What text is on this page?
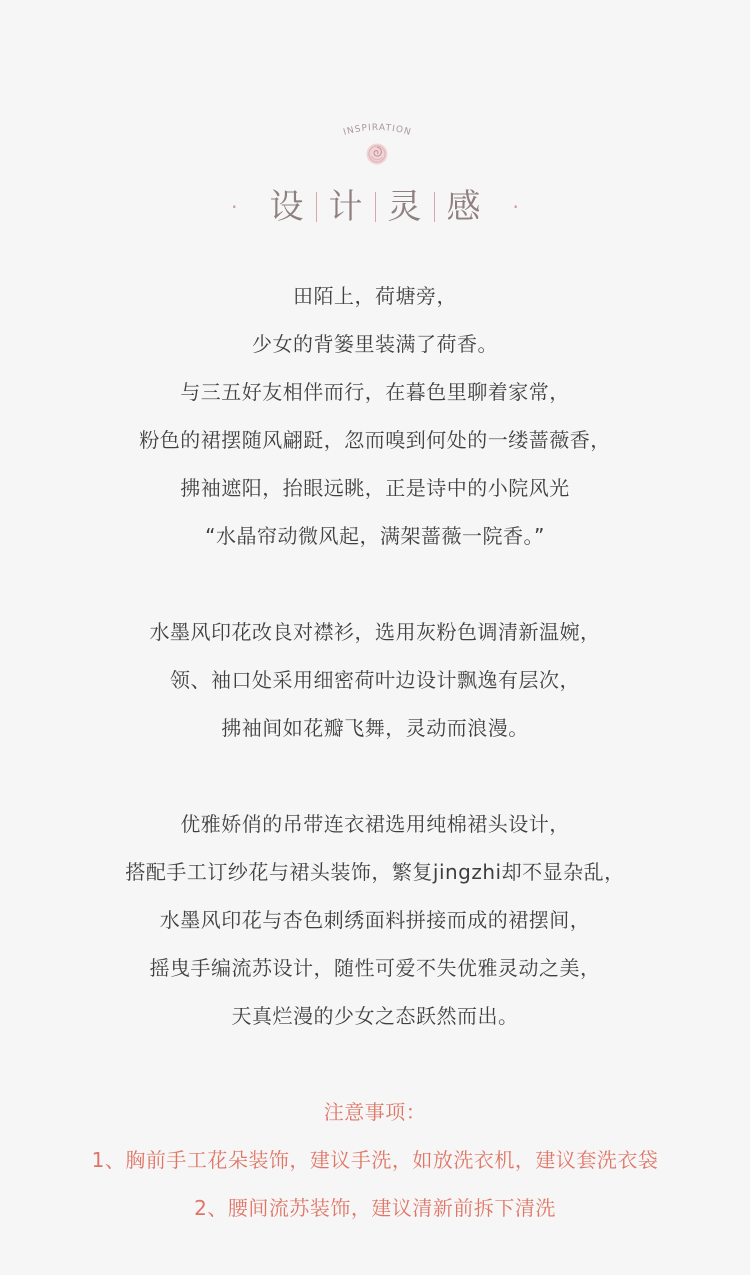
INSPIRATION
· 设 计 灵 感	·
田陌上，荷塘旁，
少女的背篓里装满了荷香。
与三五好友相伴而行，在暮色里聊着家常，
粉色的裙摆随风翩跹，忽而嗅到何处的一缕蔷薇香，
拂袖遮阳，抬眼远眺，正是诗中的小院风光
“水晶帘动微风起，满架蔷薇一院香。”
水墨风印花改良对襟衫，选用灰粉色调清新温婉，
领、袖口处采用细密荷叶边设计飘逸有层次，
拂袖间如花瓣飞舞，灵动而浪漫。
优雅娇俏的吊带连衣裙选用纯棉裙头设计，
搭配手工订纱花与裙头装饰，繁复jingzhi却不显杂乱，
水墨风印花与杏色刺绣面料拼接而成的裙摆间，
摇曳手编流苏设计，随性可爱不失优雅灵动之美，
天真烂漫的少女之态跃然而出。
注意事项：
1、胸前手工花朵装饰，建议手洗，如放洗衣机，建议套洗衣袋
2、腰间流苏装饰，建议清新前拆下清洗
